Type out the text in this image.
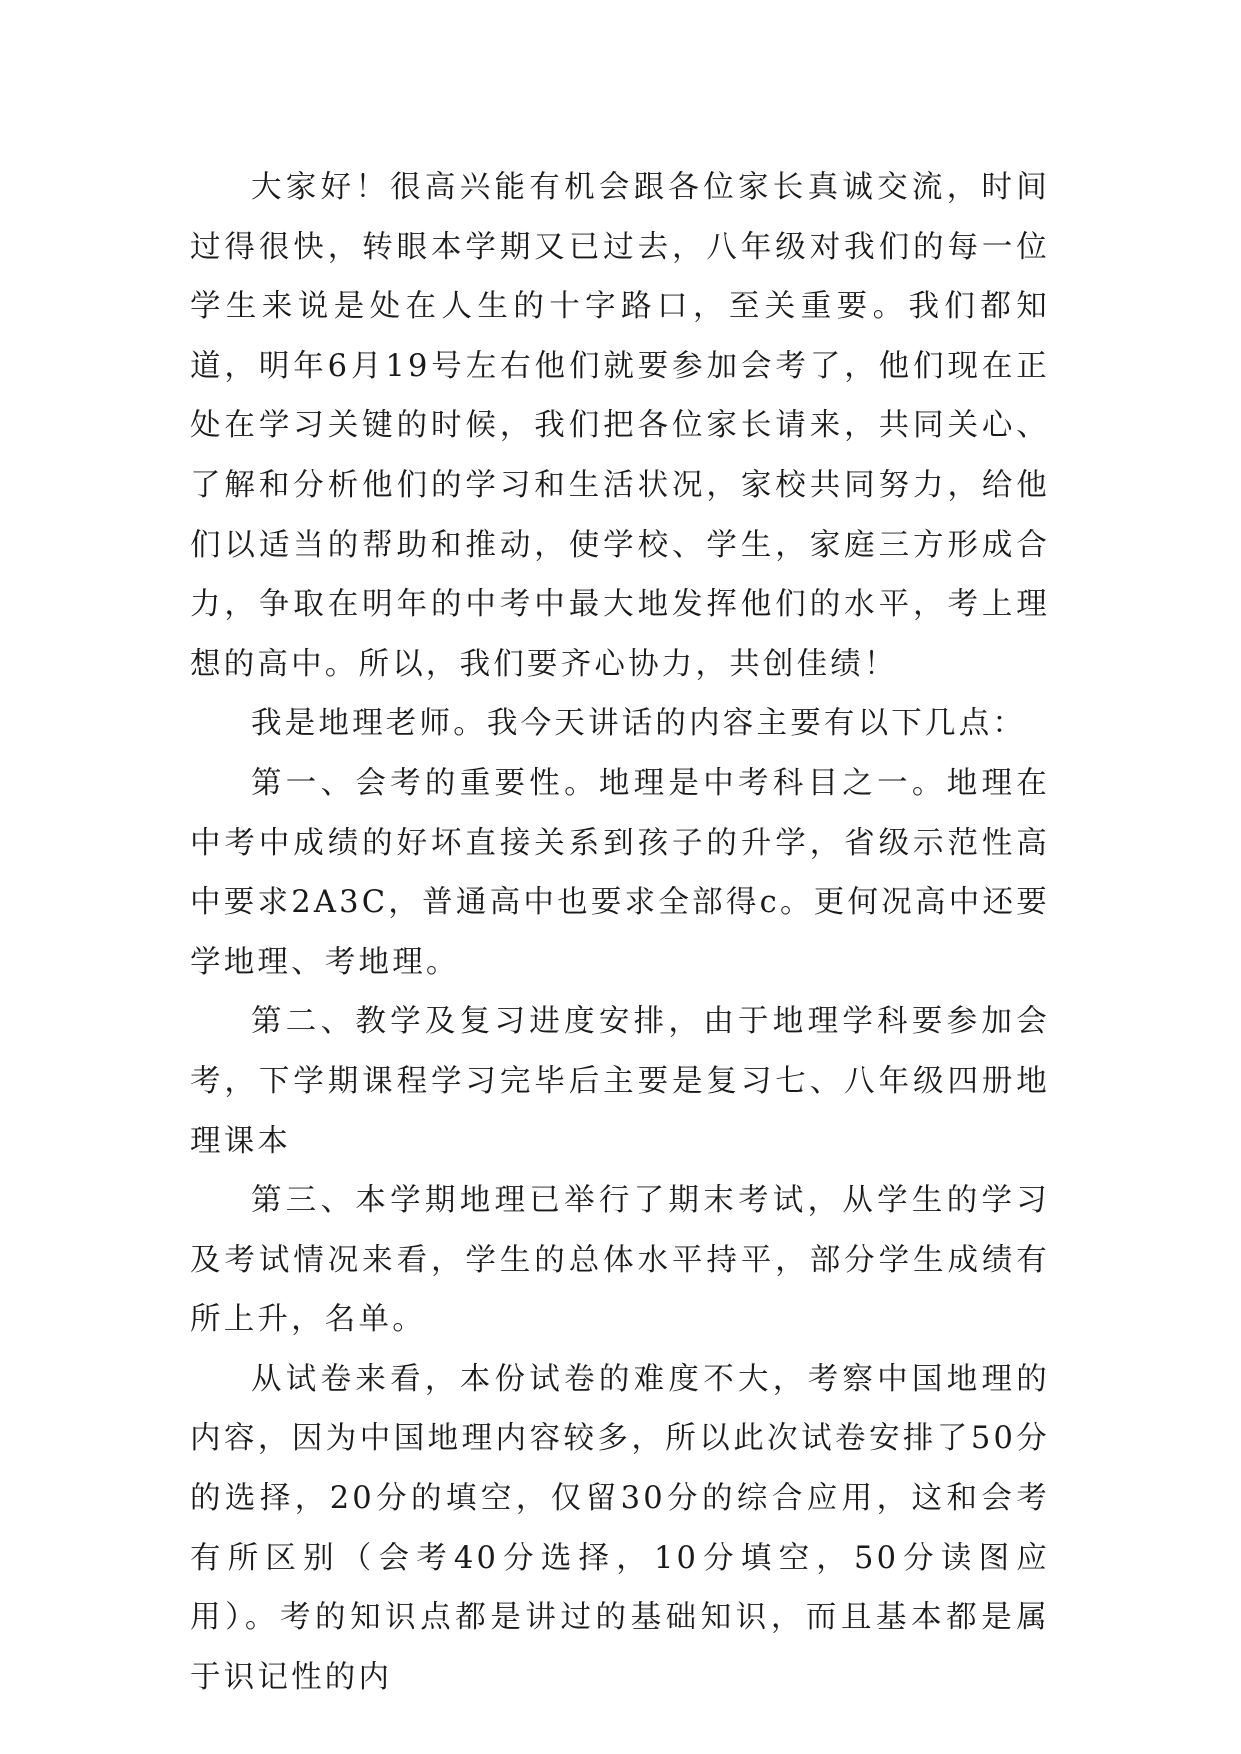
大家好！很高兴能有机会跟各位家长真诚交流，时间过得很快，转眼本学期又已过去，八年级对我们的每一位学生来说是处在人生的十字路口，至关重要。我们都知道，明年6月19号左右他们就要参加会考了，他们现在正处在学习关键的时候，我们把各位家长请来，共同关心、了解和分析他们的学习和生活状况，家校共同努力，给他们以适当的帮助和推动，使学校、学生，家庭三方形成合力，争取在明年的中考中最大地发挥他们的水平，考上理想的高中。所以，我们要齐心协力，共创佳绩！

我是地理老师。我今天讲话的内容主要有以下几点：

第一、会考的重要性。地理是中考科目之一。地理在中考中成绩的好坏直接关系到孩子的升学，省级示范性高中要求2A3C，普通高中也要求全部得c。更何况高中还要学地理、考地理。

第二、教学及复习进度安排，由于地理学科要参加会考，下学期课程学习完毕后主要是复习七、八年级四册地理课本

第三、本学期地理已举行了期末考试，从学生的学习及考试情况来看，学生的总体水平持平，部分学生成绩有所上升，名单。

从试卷来看，本份试卷的难度不大，考察中国地理的内容，因为中国地理内容较多，所以此次试卷安排了50分的选择，20分的填空，仅留30分的综合应用，这和会考有所区别（会考40分选择，10分填空，50分读图应用）。考的知识点都是讲过的基础知识，而且基本都是属于识记性的内
